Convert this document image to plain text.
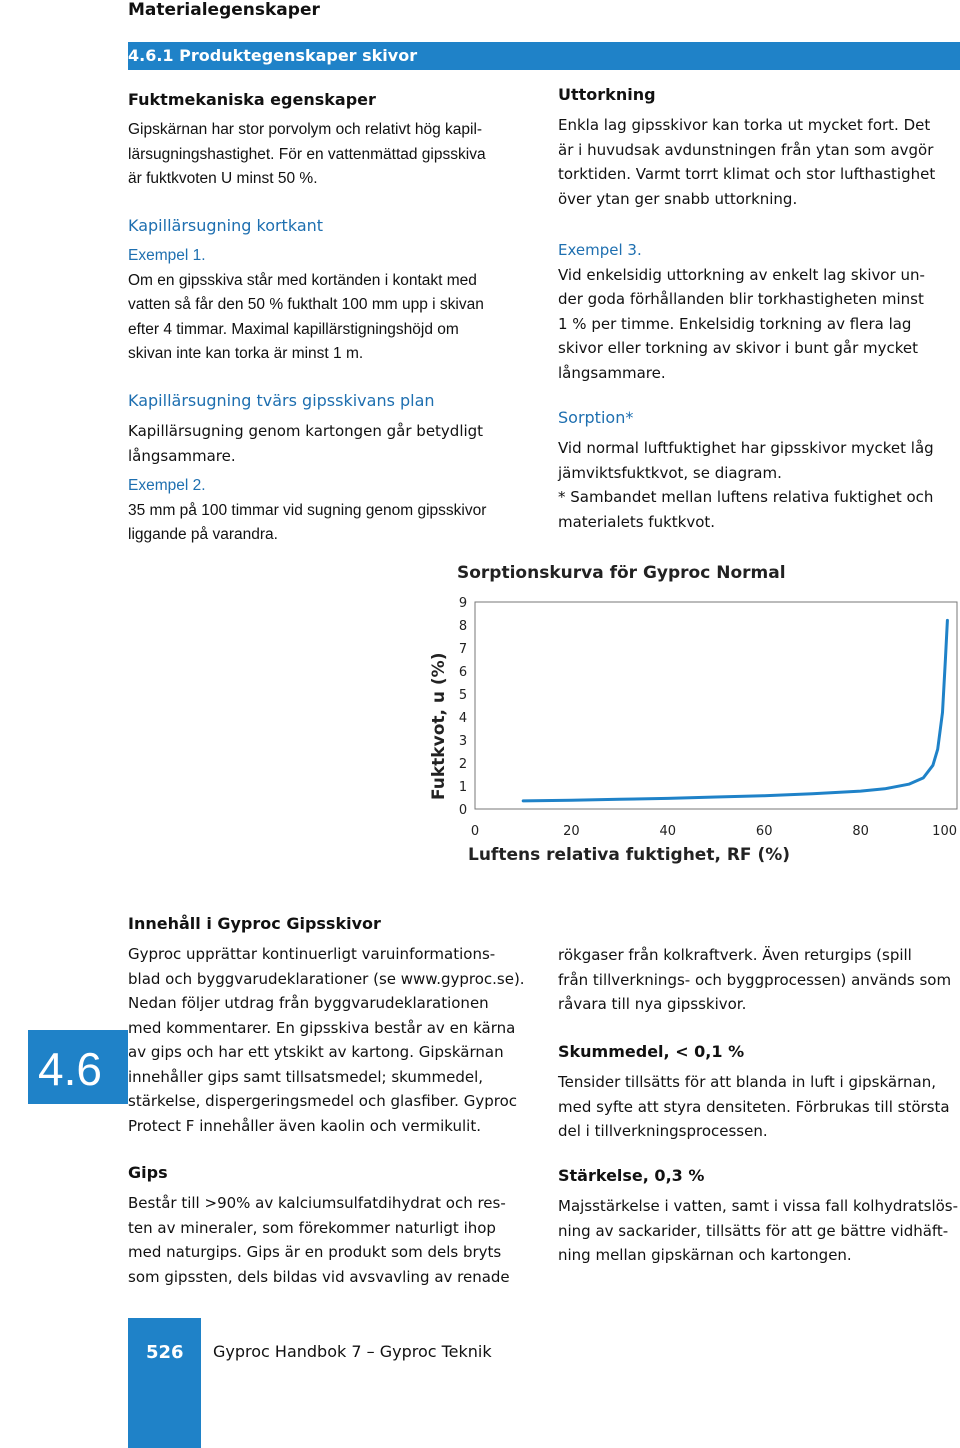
Materialegenskaper
4.6.1 Produktegenskaper skivor
Fuktmekaniska egenskaper

Gipskärnan har stor porvolym och relativt hög kapil-

lärsugningshastighet. För en vattenmättad gipsskiva

är fuktkvoten U minst 50 %.

Kapillärsugning kortkant

Exempel 1.

Om en gipsskiva står med kortänden i kontakt med

vatten så får den 50 % fukthalt 100 mm upp i skivan

efter 4 timmar. Maximal kapillärstigningshöjd om

skivan inte kan torka är minst 1 m.

Kapillärsugning tvärs gipsskivans plan

Kapillärsugning genom kartongen går betydligt

långsammare.

Exempel 2.

35 mm på 100 timmar vid sugning genom gipsskivor

liggande på varandra.

Uttorkning

Enkla lag gipsskivor kan torka ut mycket fort. Det

är i huvudsak avdunstningen från ytan som avgör

torktiden. Varmt torrt klimat och stor lufthastighet

över ytan ger snabb uttorkning.

Exempel 3.

Vid enkelsidig uttorkning av enkelt lag skivor un-

der goda förhållanden blir torkhastigheten minst

1 % per timme. Enkelsidig torkning av flera lag

skivor eller torkning av skivor i bunt går mycket

långsammare.

Sorption*

Vid normal luftfuktighet har gipsskivor mycket låg

jämviktsfuktkvot, se diagram.

* Sambandet mellan luftens relativa fuktighet och

materialets fuktkvot.

Sorptionskurva för Gyproc Normal
0
1
2
3
4
5
6
7
8
9
0	20	40	60	80	100
Fuktkvot, u (%)
Luftens relativa fuktighet, RF (%)
4.6
Innehåll i Gyproc Gipsskivor

Gyproc upprättar kontinuerligt varuinformations-

blad och byggvarudeklarationer (se www.gyproc.se).

Nedan följer utdrag från byggvarudeklarationen

med kommentarer. En gipsskiva består av en kärna

av gips och har ett ytskikt av kartong. Gipskärnan

innehåller gips samt tillsatsmedel; skummedel,

stärkelse, dispergeringsmedel och glasfiber. Gyproc

Protect F innehåller även kaolin och vermikulit.

Gips

Består till >90% av kalciumsulfatdihydrat och res-

ten av mineraler, som förekommer naturligt ihop

med naturgips. Gips är en produkt som dels bryts

som gipssten, dels bildas vid avsvavling av renade

rökgaser från kolkraftverk. Även returgips (spill

från tillverknings- och byggprocessen) används som

råvara till nya gipsskivor.

Skummedel, < 0,1 %

Tensider tillsätts för att blanda in luft i gipskärnan,

med syfte att styra densiteten. Förbrukas till största

del i tillverkningsprocessen.

Stärkelse, 0,3 %

Majsstärkelse i vatten, samt i vissa fall kolhydratslös-

ning av sackarider, tillsätts för att ge bättre vidhäft-

ning mellan gipskärnan och kartongen.

526 Gyproc Handbok 7 – Gyproc Teknik
